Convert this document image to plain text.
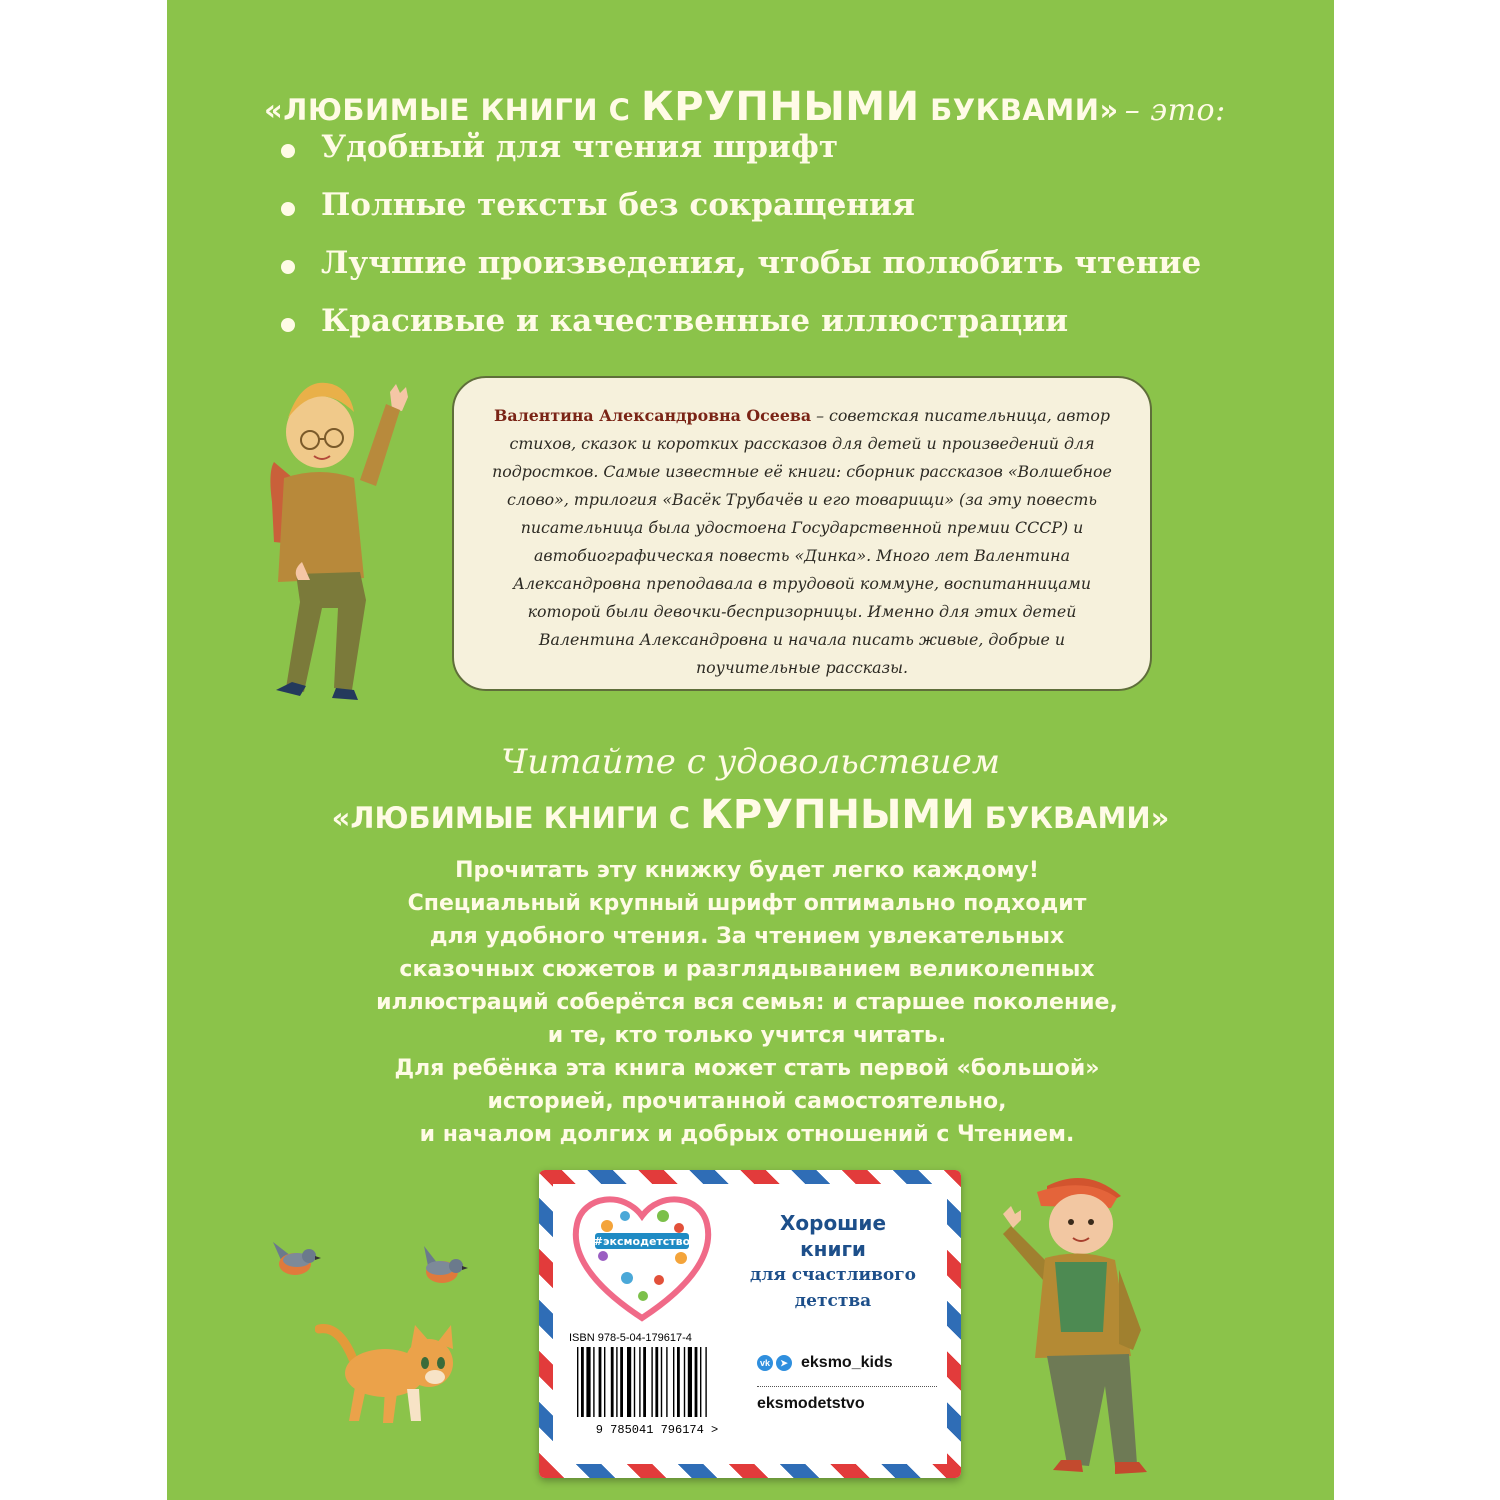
«ЛЮБИМЫЕ КНИГИ С КРУПНЫМИ БУКВАМИ» – это:
Удобный для чтения шрифт
Полные тексты без сокращения
Лучшие произведения, чтобы полюбить чтение
Красивые и качественные иллюстрации
Валентина Александровна Осеева – советская писательница, автор стихов, сказок и коротких рассказов для детей и произведений для подростков. Самые известные её книги: сборник рассказов «Волшебное слово», трилогия «Васёк Трубачёв и его товарищи» (за эту повесть писательница была удостоена Государственной премии СССР) и автобиографическая повесть «Динка». Много лет Валентина Александровна преподавала в трудовой коммуне, воспитанницами которой были девочки-беспризорницы. Именно для этих детей Валентина Александровна и начала писать живые, добрые и поучительные рассказы.
Читайте с удовольствием
«ЛЮБИМЫЕ КНИГИ С КРУПНЫМИ БУКВАМИ»
Прочитать эту книжку будет легко каждому!
Специальный крупный шрифт оптимально подходит
для удобного чтения. За чтением увлекательных
сказочных сюжетов и разглядыванием великолепных
иллюстраций соберётся вся семья: и старшее поколение,
и те, кто только учится читать.
Для ребёнка эта книга может стать первой «большой»
историей, прочитанной самостоятельно,
и началом долгих и добрых отношений с Чтением.
#эксмодетство
Хорошие
книги
для счастливого
детства
ISBN 978-5-04-179617-4
9 785041 796174 >
vk	➤ eksmo_kids
eksmodetstvo
